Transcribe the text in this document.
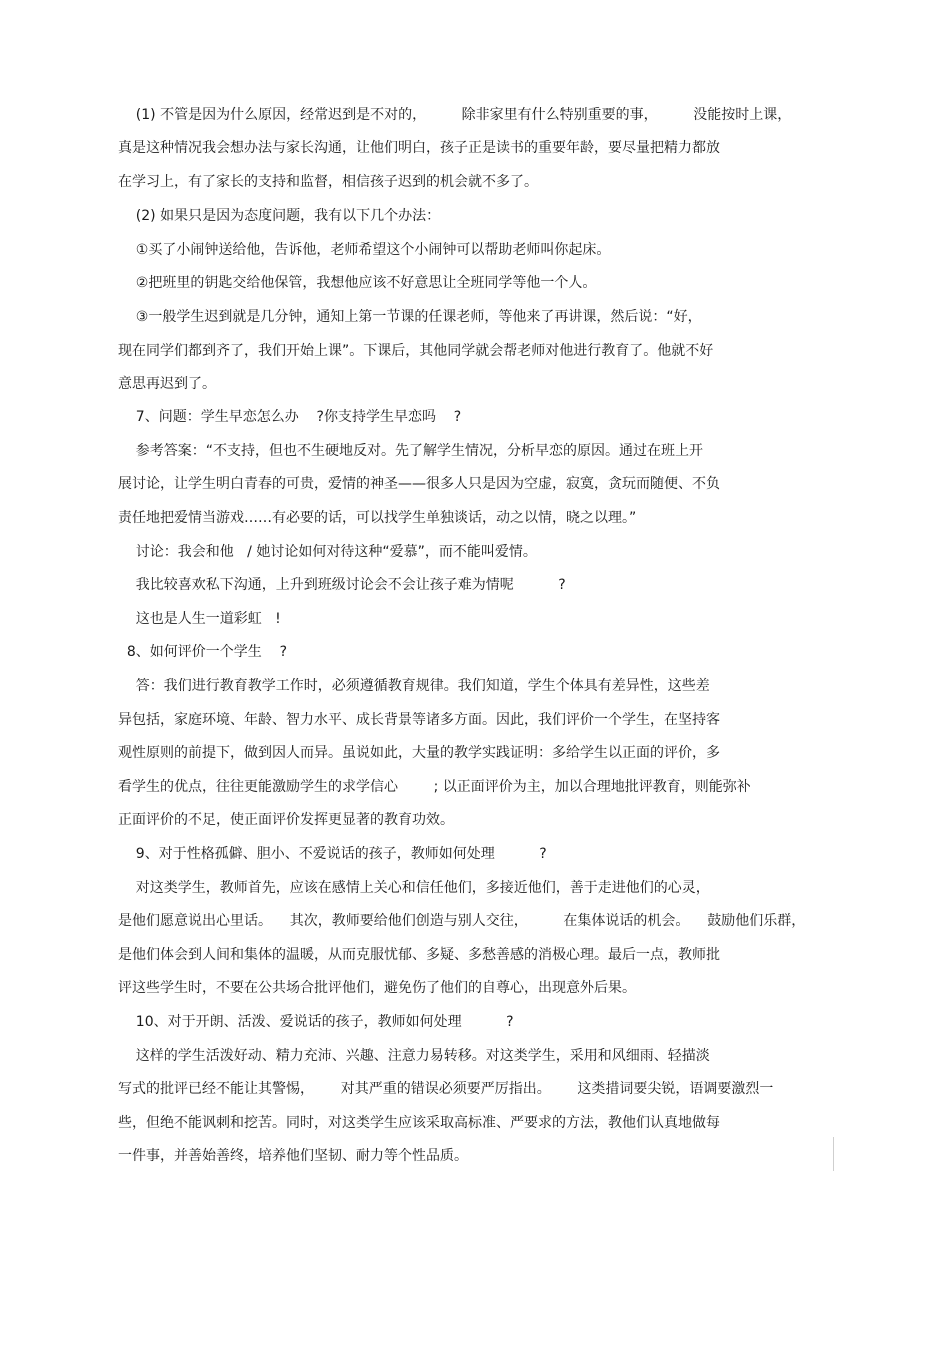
(1) 不管是因为什么原因，经常迟到是不对的，        除非家里有什么特别重要的事，        没能按时上课，
真是这种情况我会想办法与家长沟通，让他们明白，孩子正是读书的重要年龄，要尽量把精力都放
在学习上，有了家长的支持和监督，相信孩子迟到的机会就不多了。
(2) 如果只是因为态度问题，我有以下几个办法：
①买了小闹钟送给他，告诉他，老师希望这个小闹钟可以帮助老师叫你起床。
②把班里的钥匙交给他保管，我想他应该不好意思让全班同学等他一个人。
③一般学生迟到就是几分钟，通知上第一节课的任课老师，等他来了再讲课，然后说：“好，
现在同学们都到齐了，我们开始上课”。下课后，其他同学就会帮老师对他进行教育了。他就不好
意思再迟到了。
7、问题：学生早恋怎么办    ?你支持学生早恋吗    ?
参考答案：“不支持，但也不生硬地反对。先了解学生情况，分析早恋的原因。通过在班上开
展讨论，让学生明白青春的可贵，爱情的神圣——很多人只是因为空虚，寂寞，贪玩而随便、不负
责任地把爱情当游戏……有必要的话，可以找学生单独谈话，动之以情，晓之以理。”
讨论：我会和他   / 她讨论如何对待这种“爱慕”，而不能叫爱情。
我比较喜欢私下沟通，上升到班级讨论会不会让孩子难为情呢          ?
这也是人生一道彩虹   !
8、如何评价一个学生    ?
答：我们进行教育教学工作时，必须遵循教育规律。我们知道，学生个体具有差异性，这些差
异包括，家庭环境、年龄、智力水平、成长背景等诸多方面。因此，我们评价一个学生，在坚持客
观性原则的前提下，做到因人而异。虽说如此，大量的教学实践证明：多给学生以正面的评价，多
看学生的优点，往往更能激励学生的求学信心        ; 以正面评价为主，加以合理地批评教育，则能弥补
正面评价的不足，使正面评价发挥更显著的教育功效。
9、对于性格孤僻、胆小、不爱说话的孩子，教师如何处理          ?
对这类学生，教师首先，应该在感情上关心和信任他们，多接近他们，善于走进他们的心灵，
是他们愿意说出心里话。    其次，教师要给他们创造与别人交往，        在集体说话的机会。    鼓励他们乐群，
是他们体会到人间和集体的温暖，从而克服忧郁、多疑、多愁善感的消极心理。最后一点，教师批
评这些学生时，不要在公共场合批评他们，避免伤了他们的自尊心，出现意外后果。
10、对于开朗、活泼、爱说话的孩子，教师如何处理          ?
这样的学生活泼好动、精力充沛、兴趣、注意力易转移。对这类学生，采用和风细雨、轻描淡
写式的批评已经不能让其警惕，      对其严重的错误必须要严厉指出。      这类措词要尖锐，语调要激烈一
些，但绝不能讽刺和挖苦。同时，对这类学生应该采取高标准、严要求的方法，教他们认真地做每
一件事，并善始善终，培养他们坚韧、耐力等个性品质。
